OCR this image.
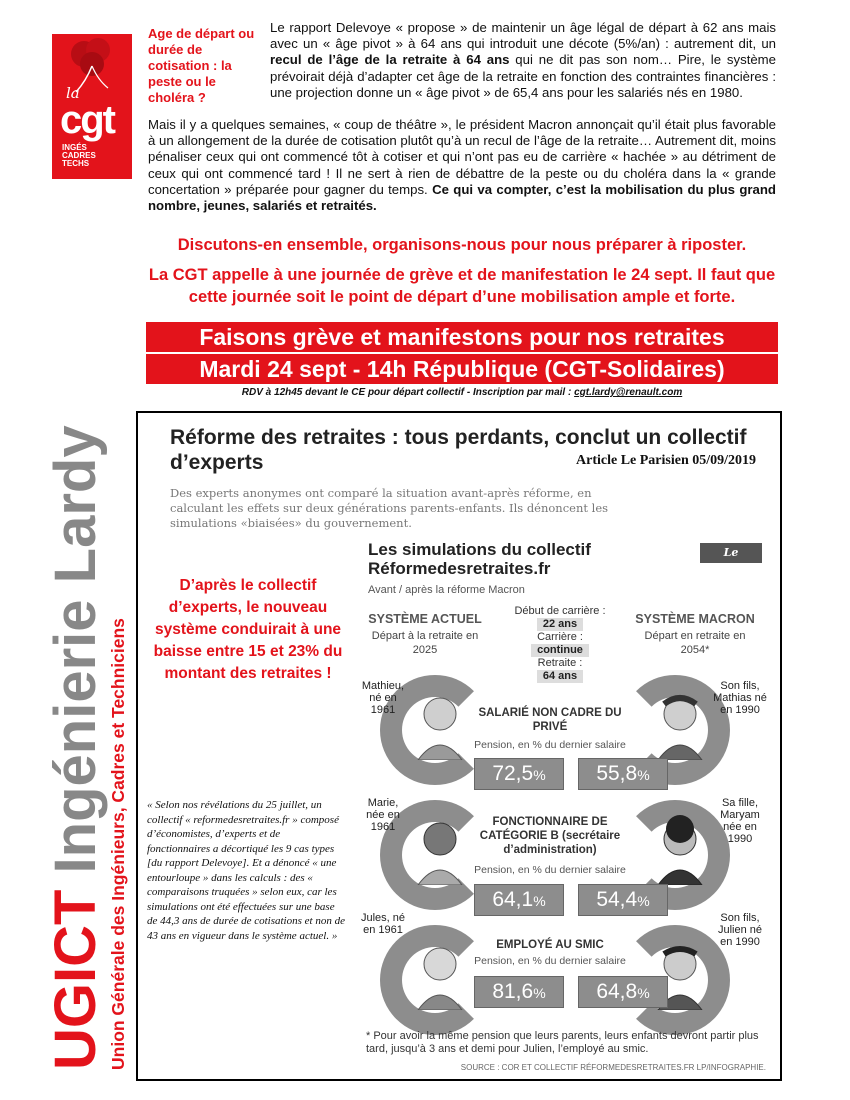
la
cgt
INGÉS
CADRES
TECHS
Age de départ ou durée de cotisation : la peste ou le choléra ?
Le rapport Delevoye « propose » de maintenir un âge légal de départ à 62 ans mais avec un « âge pivot » à 64 ans qui introduit une décote (5%/an) : autrement dit, un recul de l’âge de la retraite à 64 ans qui ne dit pas son nom… Pire, le système prévoirait déjà d’adapter cet âge de la retraite en fonction des contraintes financières : une projection donne un « âge pivot » de 65,4 ans pour les salariés nés en 1980.
Mais il y a quelques semaines, « coup de théâtre », le président Macron annonçait qu’il était plus favorable à un allongement de la durée de cotisation plutôt qu’à un recul de l’âge de la retraite… Autrement dit, moins pénaliser ceux qui ont commencé tôt à cotiser et qui n’ont pas eu de carrière « hachée » au détriment de ceux qui ont commencé tard ! Il ne sert à rien de débattre de la peste ou du choléra dans la « grande concertation » préparée pour gagner du temps. Ce qui va compter, c’est la mobilisation du plus grand nombre, jeunes, salariés et retraités.
Discutons-en ensemble, organisons-nous pour nous préparer à riposter.
La CGT appelle à une journée de grève et de manifestation le 24 sept. Il faut que cette journée soit le point de départ d’une mobilisation ample et forte.
Faisons grève et manifestons pour nos retraites
Mardi 24 sept - 14h République (CGT-Solidaires)
RDV à 12h45 devant le CE pour départ collectif - Inscription par mail : cgt.lardy@renault.com
UGICT Ingénierie Lardy Union Générale des Ingénieurs, Cadres et Techniciens
Réforme des retraites : tous perdants, conclut un collectif d’experts	Article Le Parisien 05/09/2019
Des experts anonymes ont comparé la situation avant-après réforme, en calculant les effets sur deux générations parents-enfants. Ils dénoncent les simulations «biaisées» du gouvernement.
Les simulations du collectif Réformedesretraites.fr
Avant / après la réforme Macron
Le Parisien
SYSTÈME ACTUEL
Départ à la retraite en 2025
SYSTÈME MACRON
Départ en retraite en 2054*
Début de carrière :
22 ans
Carrière :
continue
Retraite :
64 ans
Mathieu, né en 1961
Son fils, Mathias né en 1990
Marie, née en 1961
Sa fille, Maryam née en 1990
Jules, né en 1961
Son fils, Julien né en 1990
SALARIÉ NON CADRE DU PRIVÉ
Pension, en % du dernier salaire
72,5%	55,8%
FONCTIONNAIRE DE CATÉGORIE B (secrétaire d’administration)
Pension, en % du dernier salaire
64,1%	54,4%
EMPLOYÉ AU SMIC
Pension, en % du dernier salaire
81,6%	64,8%
D’après le collectif d’experts, le nouveau système conduirait à une baisse entre 15 et 23% du montant des retraites !
« Selon nos révélations du 25 juillet, un collectif « reformedesretraites.fr » composé d’économistes, d’experts et de fonctionnaires a décortiqué les 9 cas types [du rapport Delevoye]. Et a dénoncé « une entourloupe » dans les calculs : des « comparaisons truquées » selon eux, car les simulations ont été effectuées sur une base de 44,3 ans de durée de cotisations et non de 43 ans en vigueur dans le système actuel. »
* Pour avoir la même pension que leurs parents, leurs enfants devront partir plus tard, jusqu’à 3 ans et demi pour Julien, l’employé au smic.
SOURCE : COR ET COLLECTIF RÉFORMEDESRETRAITES.FR LP/INFOGRAPHIE.
